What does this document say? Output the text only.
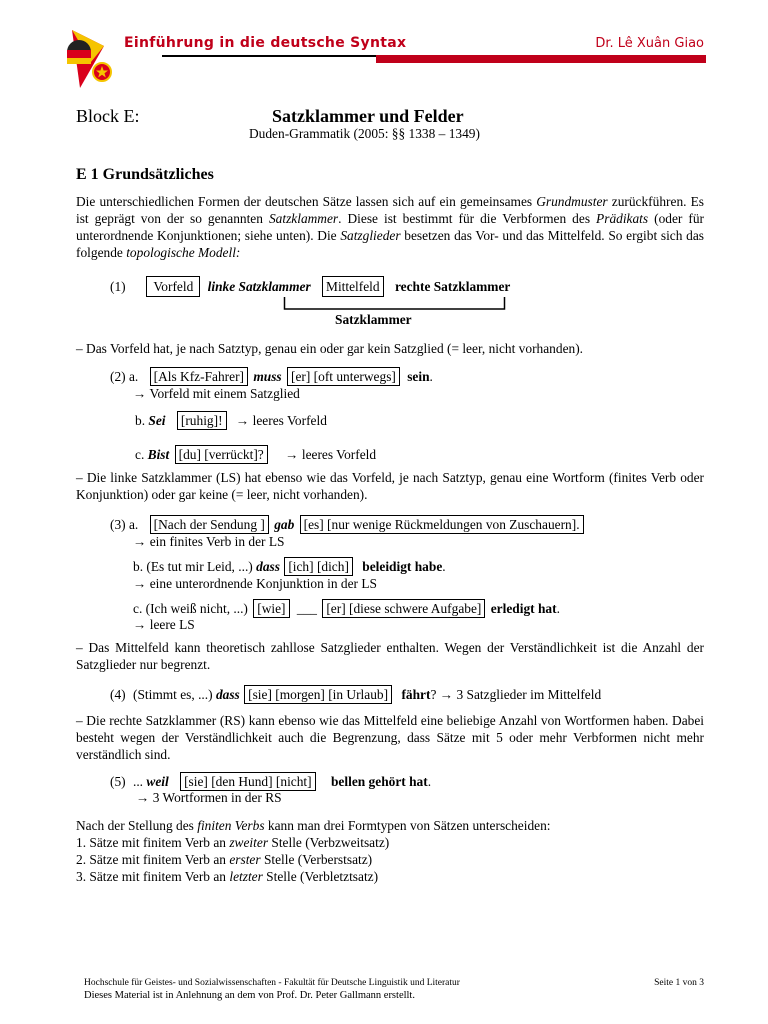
Einführung in die deutsche Syntax	Dr. Lê Xuân Giao
Block E:	Satzklammer und Felder
Duden-Grammatik (2005: §§ 1338 – 1349)
E 1 Grundsätzliches
Die unterschiedlichen Formen der deutschen Sätze lassen sich auf ein gemeinsames Grundmuster zurückführen. Es ist geprägt von der so genannten Satzklammer. Diese ist bestimmt für die Verbformen des Prädikats (oder für unterordnende Konjunktionen; siehe unten). Die Satzglieder besetzen das Vor- und das Mittelfeld. So ergibt sich das folgende topologische Modell:
(1) Vorfeld linke Satzklammer Mittelfeld rechte Satzklammer
Satzklammer
– Das Vorfeld hat, je nach Satztyp, genau ein oder gar kein Satzglied (= leer, nicht vorhanden).
(2) a. [Als Kfz-Fahrer] muss [er] [oft unterwegs] sein.
→ Vorfeld mit einem Satzglied
b. Sei [ruhig]! → leeres Vorfeld
c. Bist [du] [verrückt]? → leeres Vorfeld
– Die linke Satzklammer (LS) hat ebenso wie das Vorfeld, je nach Satztyp, genau eine Wortform (finites Verb oder Konjunktion) oder gar keine (= leer, nicht vorhanden).
(3) a. [Nach der Sendung ] gab [es] [nur wenige Rückmeldungen von Zuschauern].
→ ein finites Verb in der LS
b. (Es tut mir Leid, ...) dass [ich] [dich] beleidigt habe.
→ eine unterordnende Konjunktion in der LS
c. (Ich weiß nicht, ...) [wie] ___ [er] [diese schwere Aufgabe] erledigt hat.
→ leere LS
– Das Mittelfeld kann theoretisch zahllose Satzglieder enthalten. Wegen der Verständlichkeit ist die Anzahl der Satzglieder nur begrenzt.
(4) (Stimmt es, ...) dass [sie] [morgen] [in Urlaub] fährt? → 3 Satzglieder im Mittelfeld
– Die rechte Satzklammer (RS) kann ebenso wie das Mittelfeld eine beliebige Anzahl von Wortformen haben. Dabei besteht wegen der Verständlichkeit auch die Begrenzung, dass Sätze mit 5 oder mehr Verbformen nicht mehr verständlich sind.
(5) ... weil [sie] [den Hund] [nicht] bellen gehört hat.
→ 3 Wortformen in der RS
Nach der Stellung des finiten Verbs kann man drei Formtypen von Sätzen unterscheiden:
1. Sätze mit finitem Verb an zweiter Stelle (Verbzweitsatz)
2. Sätze mit finitem Verb an erster Stelle (Verberstsatz)
3. Sätze mit finitem Verb an letzter Stelle (Verbletztsatz)
Hochschule für Geistes- und Sozialwissenschaften - Fakultät für Deutsche Linguistik und Literatur	Seite 1 von 3
Dieses Material ist in Anlehnung an dem von Prof. Dr. Peter Gallmann erstellt.
